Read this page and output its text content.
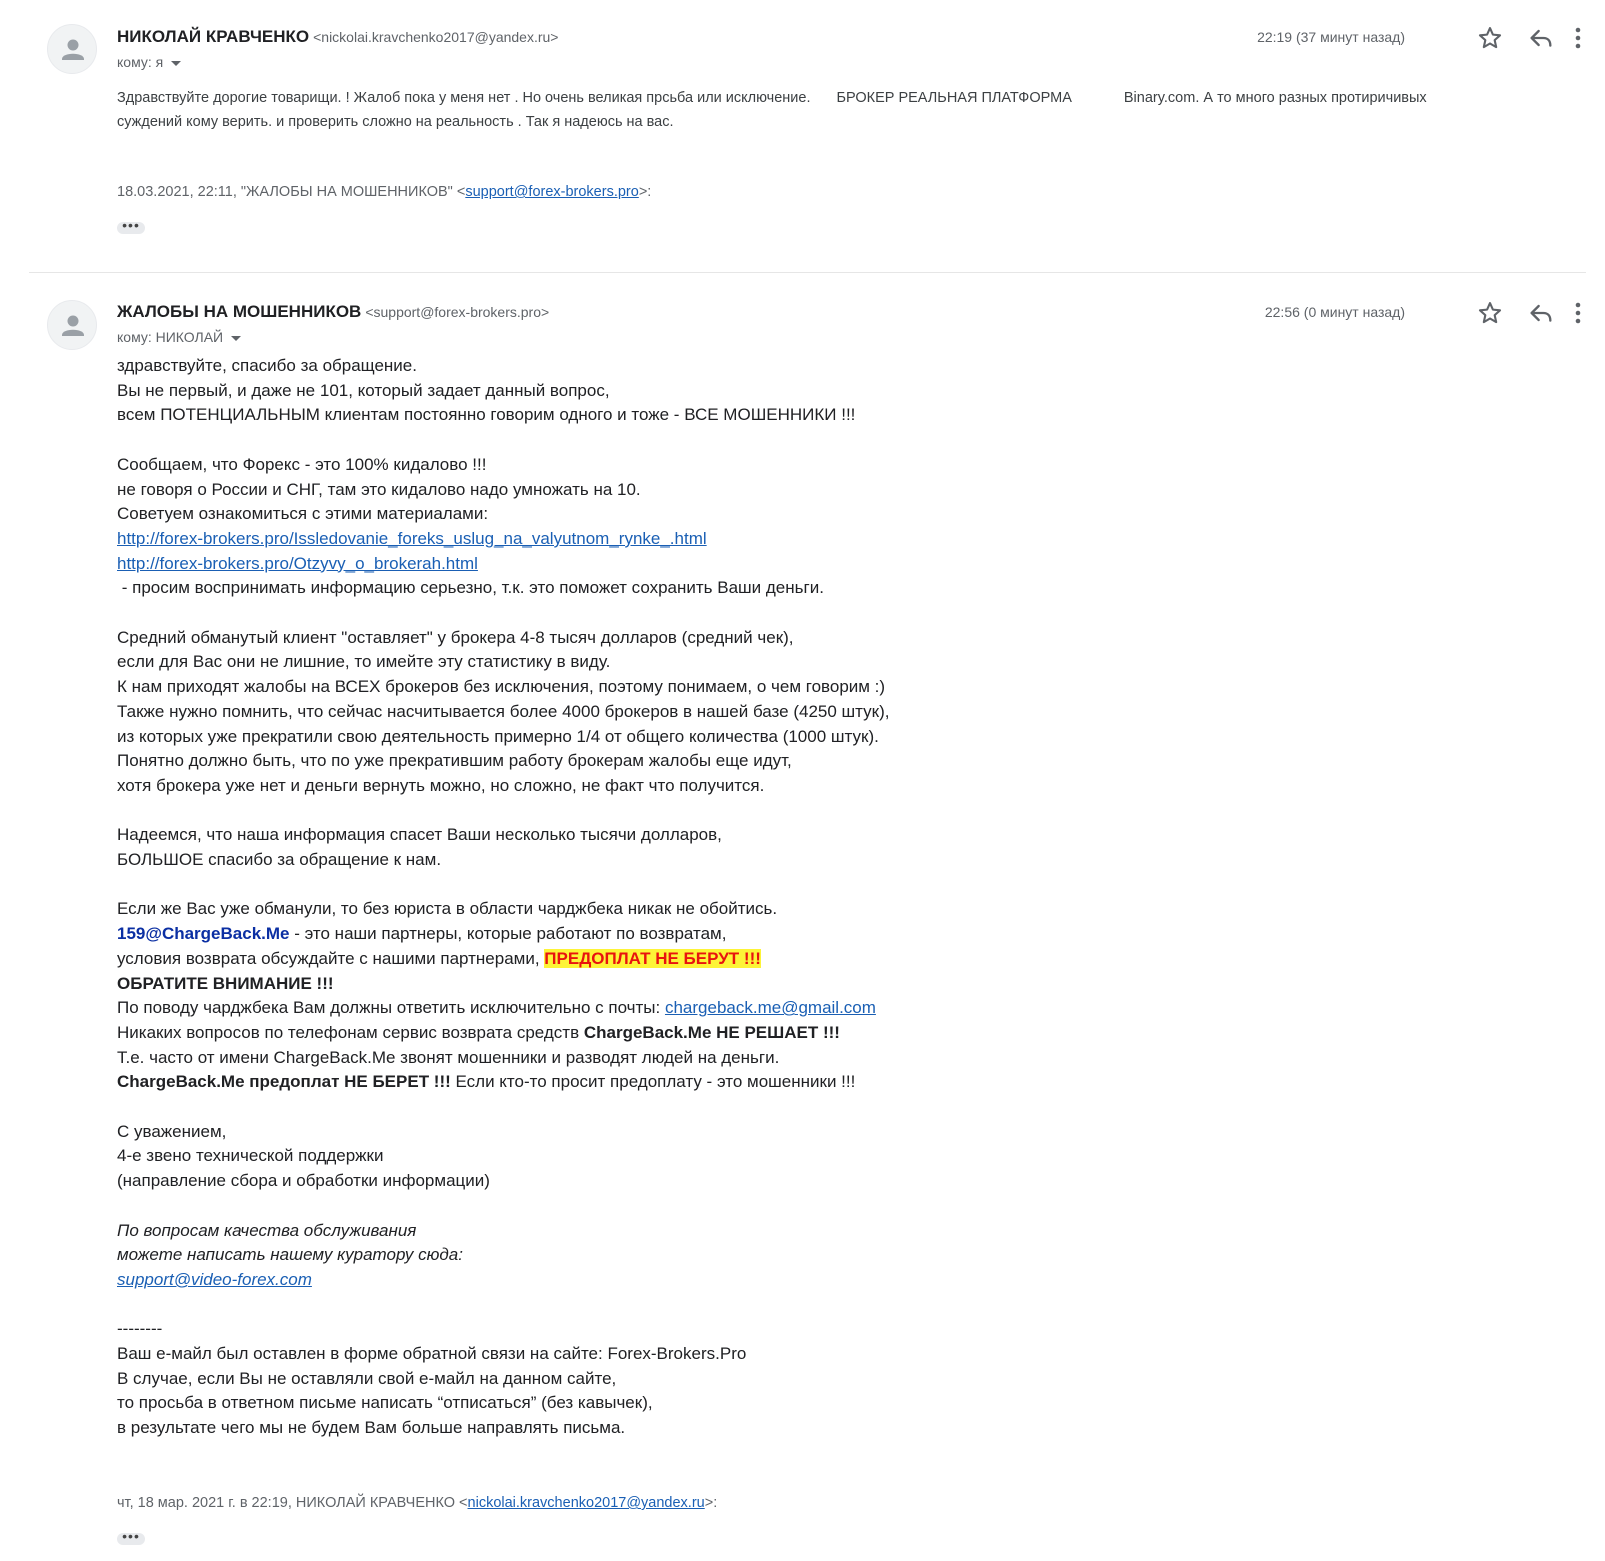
НИКОЛАЙ КРАВЧЕНКО <nickolai.kravchenko2017@yandex.ru>
кому: я
22:19 (37 минут назад)
Здравствуйте дорогие товарищи. ! Жалоб пока у меня нет . Но очень великая прсьба или исключение. БРОКЕР РЕАЛЬНАЯ ПЛАТФОРМА	Binary.com. А то много разных протиричивых
суждений кому верить. и проверить сложно на реальность . Так я надеюсь на вас.
18.03.2021, 22:11, "ЖАЛОБЫ НА МОШЕННИКОВ" <support@forex-brokers.pro>:
•••
ЖАЛОБЫ НА МОШЕННИКОВ <support@forex-brokers.pro>
кому: НИКОЛАЙ
22:56 (0 минут назад)
здравствуйте, спасибо за обращение.
Вы не первый, и даже не 101, который задает данный вопрос,
всем ПОТЕНЦИАЛЬНЫМ клиентам постоянно говорим одного и тоже - ВСЕ МОШЕННИКИ !!!
Сообщаем, что Форекс - это 100% кидалово !!!
не говоря о России и СНГ, там это кидалово надо умножать на 10.
Советуем ознакомиться с этими материалами:
http://forex-brokers.pro/Issledovanie_foreks_uslug_na_valyutnom_rynke_.html
http://forex-brokers.pro/Otzyvy_o_brokerah.html
- просим воспринимать информацию серьезно, т.к. это поможет сохранить Ваши деньги.
Средний обманутый клиент "оставляет" у брокера 4-8 тысяч долларов (средний чек),
если для Вас они не лишние, то имейте эту статистику в виду.
К нам приходят жалобы на ВСЕХ брокеров без исключения, поэтому понимаем, о чем говорим :)
Также нужно помнить, что сейчас насчитывается более 4000 брокеров в нашей базе (4250 штук),
из которых уже прекратили свою деятельность примерно 1/4 от общего количества (1000 штук).
Понятно должно быть, что по уже прекратившим работу брокерам жалобы еще идут,
хотя брокера уже нет и деньги вернуть можно, но сложно, не факт что получится.
Надеемся, что наша информация спасет Ваши несколько тысячи долларов,
БОЛЬШОЕ спасибо за обращение к нам.
Если же Вас уже обманули, то без юриста в области чарджбека никак не обойтись.
159@ChargeBack.Me - это наши партнеры, которые работают по возвратам,
условия возврата обсуждайте с нашими партнерами, ПРЕДОПЛАТ НЕ БЕРУТ !!!
ОБРАТИТЕ ВНИМАНИЕ !!!
По поводу чарджбека Вам должны ответить исключительно с почты: chargeback.me@gmail.com
Никаких вопросов по телефонам сервис возврата средств ChargeBack.Me НЕ РЕШАЕТ !!!
Т.е. часто от имени ChargeBack.Me звонят мошенники и разводят людей на деньги.
ChargeBack.Me предоплат НЕ БЕРЕТ !!! Если кто-то просит предоплату - это мошенники !!!
С уважением,
4-е звено технической поддержки
(направление сбора и обработки информации)
По вопросам качества обслуживания
можете написать нашему куратору сюда:
support@video-forex.com
--------
Ваш е-майл был оставлен в форме обратной связи на сайте: Forex-Brokers.Pro
В случае, если Вы не оставляли свой е-майл на данном сайте,
то просьба в ответном письме написать “отписаться” (без кавычек),
в результате чего мы не будем Вам больше направлять письма.
чт, 18 мар. 2021 г. в 22:19, НИКОЛАЙ КРАВЧЕНКО <nickolai.kravchenko2017@yandex.ru>:
•••
